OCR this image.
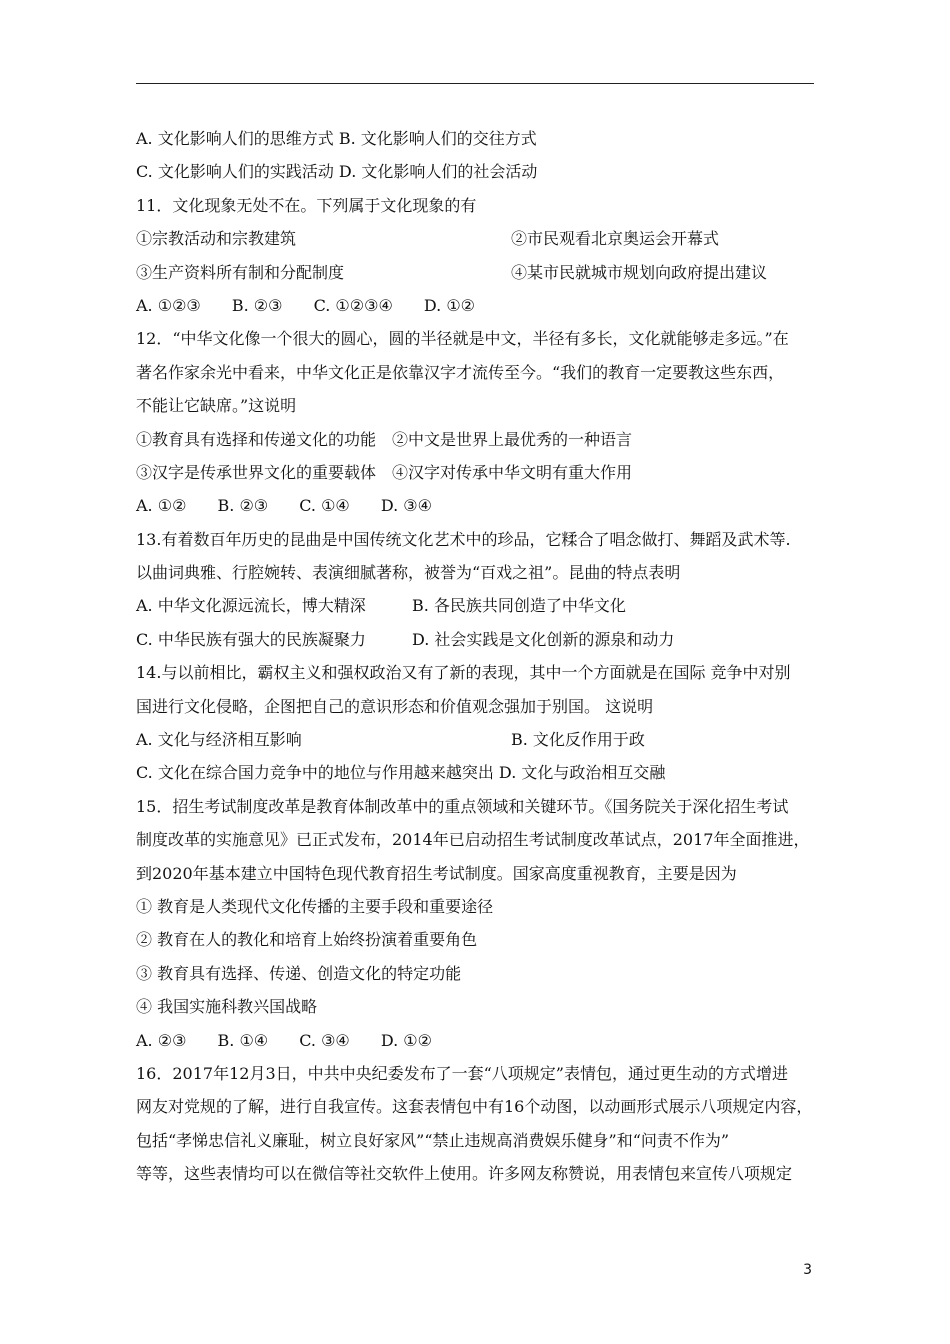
A. 文化影响人们的思维方式 B. 文化影响人们的交往方式
C. 文化影响人们的实践活动 D. 文化影响人们的社会活动
11．文化现象无处不在。下列属于文化现象的有
①宗教活动和宗教建筑	②市民观看北京奥运会开幕式
③生产资料所有制和分配制度	④某市民就城市规划向政府提出建议
A. ①②③ B. ②③ C. ①②③④ D. ①②
12．“中华文化像一个很大的圆心，圆的半径就是中文，半径有多长，文化就能够走多远。”在
著名作家余光中看来，中华文化正是依靠汉字才流传至今。“我们的教育一定要教这些东西，
不能让它缺席。”这说明
①教育具有选择和传递文化的功能　②中文是世界上最优秀的一种语言
③汉字是传承世界文化的重要载体　④汉字对传承中华文明有重大作用
A. ①② B. ②③ C. ①④ D. ③④
13.有着数百年历史的昆曲是中国传统文化艺术中的珍品，它糅合了唱念做打、舞蹈及武术等.
以曲词典雅、行腔婉转、表演细腻著称，被誉为“百戏之祖”。昆曲的特点表明
A. 中华文化源远流长，博大精深	B. 各民族共同创造了中华文化
C. 中华民族有强大的民族凝聚力	D. 社会实践是文化创新的源泉和动力
14.与以前相比，霸权主义和强权政治又有了新的表现，其中一个方面就是在国际 竞争中对别
国进行文化侵略，企图把自己的意识形态和价值观念强加于别国。 这说明
A. 文化与经济相互影响	B. 文化反作用于政
C. 文化在综合国力竞争中的地位与作用越来越突出 D. 文化与政治相互交融
15．招生考试制度改革是教育体制改革中的重点领域和关键环节。《国务院关于深化招生考试
制度改革的实施意见》已正式发布，2014年已启动招生考试制度改革试点，2017年全面推进，
到2020年基本建立中国特色现代教育招生考试制度。国家高度重视教育，主要是因为
① 教育是人类现代文化传播的主要手段和重要途径
② 教育在人的教化和培育上始终扮演着重要角色
③ 教育具有选择、传递、创造文化的特定功能
④ 我国实施科教兴国战略
A. ②③ B. ①④ C. ③④ D. ①②
16．2017年12月3日，中共中央纪委发布了一套“八项规定”表情包，通过更生动的方式增进
网友对党规的了解，进行自我宣传。这套表情包中有16个动图，以动画形式展示八项规定内容，
包括“孝悌忠信礼义廉耻，树立良好家风”“禁止违规高消费娱乐健身”和“问责不作为”
等等，这些表情均可以在微信等社交软件上使用。许多网友称赞说，用表情包来宣传八项规定
3
